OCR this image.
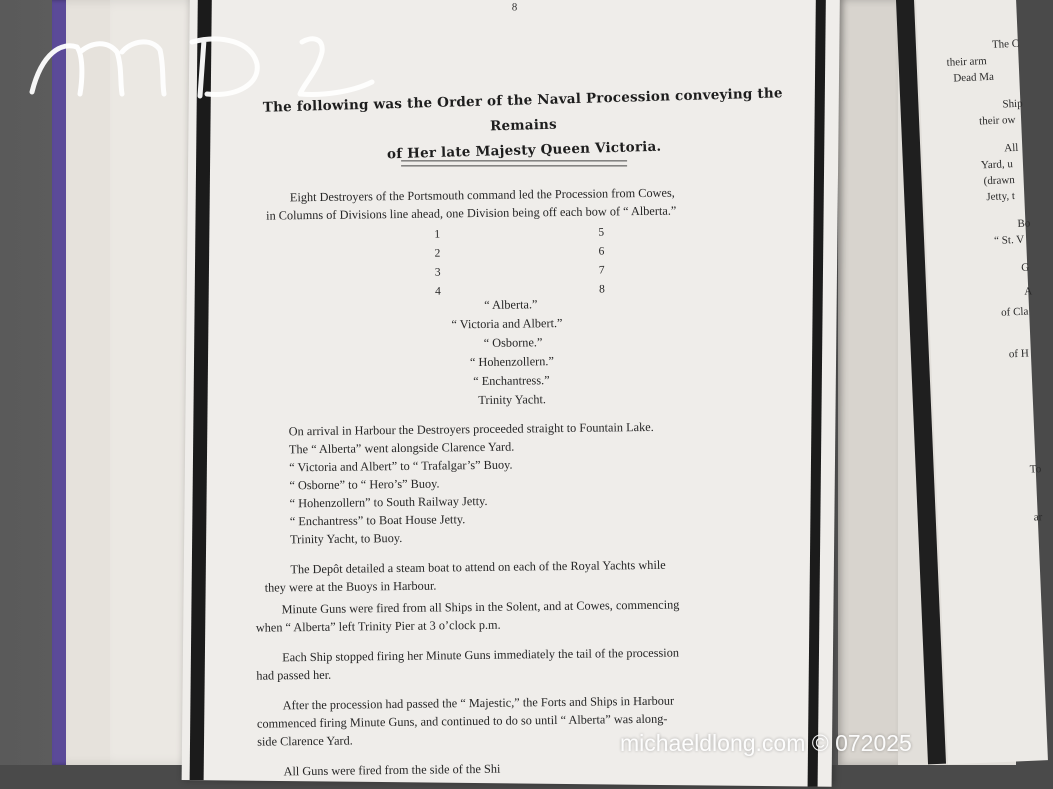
The C
their arm
Dead Ma
Ship
their ow
All
Yard, u
(drawn
Jetty, t
Bo
“ St. V
G
A
of Cla
of H
To
ar
8
The following was the Order of the Naval Procession conveying the Remains
of Her late Majesty Queen Victoria.
Eight Destroyers of the Portsmouth command led the Procession from Cowes,
in Columns of Divisions line ahead, one Division being off each bow of “ Alberta.”
1
2
3
4
5
6
7
8
“ Alberta.”
“ Victoria and Albert.”
“ Osborne.”
“ Hohenzollern.”
“ Enchantress.”
Trinity Yacht.
On arrival in Harbour the Destroyers proceeded straight to Fountain Lake.
The “ Alberta” went alongside Clarence Yard.
“ Victoria and Albert” to “ Trafalgar’s” Buoy.
“ Osborne” to “ Hero’s” Buoy.
“ Hohenzollern” to South Railway Jetty.
“ Enchantress” to Boat House Jetty.
Trinity Yacht, to Buoy.
The Depôt detailed a steam boat to attend on each of the Royal Yachts while
they were at the Buoys in Harbour.
Minute Guns were fired from all Ships in the Solent, and at Cowes, commencing
when “ Alberta” left Trinity Pier at 3 o’clock p.m.
Each Ship stopped firing her Minute Guns immediately the tail of the procession
had passed her.
After the procession had passed the “ Majestic,” the Forts and Ships in Harbour
commenced firing Minute Guns, and continued to do so until “ Alberta” was along-
side Clarence Yard.
All Guns were fired from the side of the Shi
MDL
michaeldlong.com © 072025
